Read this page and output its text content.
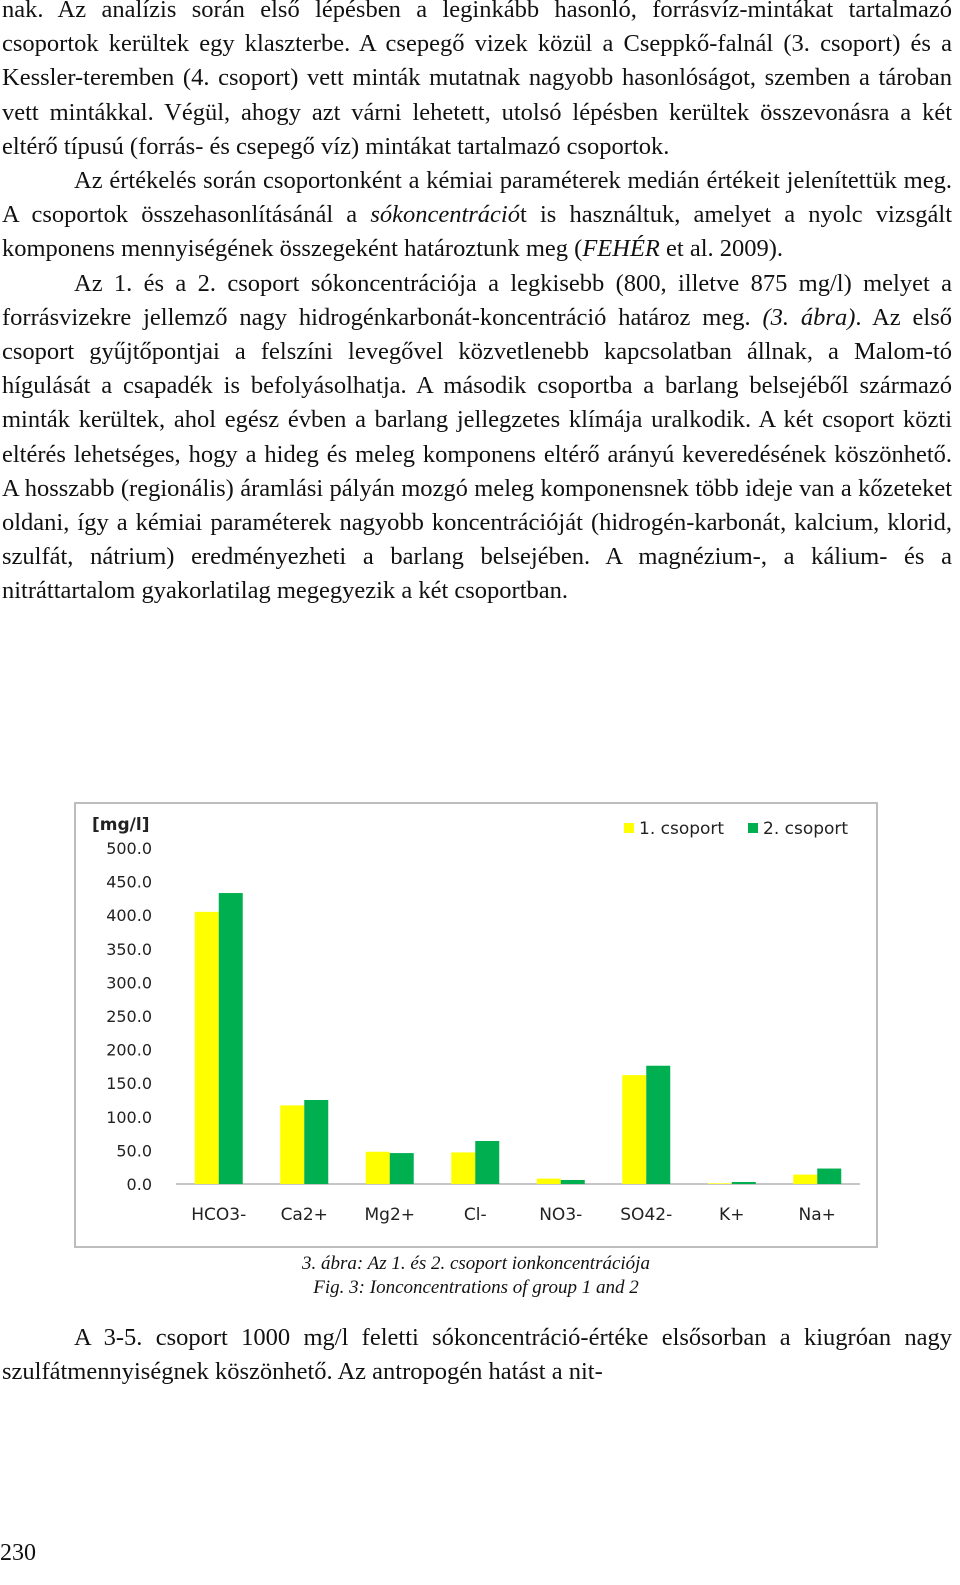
nak. Az analízis során első lépésben a leginkább hasonló, forrásvíz-mintákat tartalmazó csoportok kerültek egy klaszterbe. A csepegő vizek közül a Cseppkő-falnál (3. csoport) és a Kessler-teremben (4. csoport) vett minták mutatnak nagyobb hasonlóságot, szemben a tároban vett mintákkal. Végül, ahogy azt várni lehetett, utolsó lépésben kerültek összevonásra a két eltérő típusú (forrás- és csepegő víz) mintákat tartalmazó csoportok.

Az értékelés során csoportonként a kémiai paraméterek medián értékeit jelenítettük meg. A csoportok összehasonlításánál a sókoncentrációt is használtuk, amelyet a nyolc vizsgált komponens mennyiségének összegeként határoztunk meg (FEHÉR et al. 2009).

Az 1. és a 2. csoport sókoncentrációja a legkisebb (800, illetve 875 mg/l) melyet a forrásvizekre jellemző nagy hidrogénkarbonát-koncentráció határoz meg. (3. ábra). Az első csoport gyűjtőpontjai a felszíni levegővel közvetlenebb kapcsolatban állnak, a Malom-tó hígulását a csapadék is befolyásolhatja. A második csoportba a barlang belsejéből származó minták kerültek, ahol egész évben a barlang jellegzetes klímája uralkodik. A két csoport közti eltérés lehetséges, hogy a hideg és meleg komponens eltérő arányú keveredésének köszönhető. A hosszabb (regionális) áramlási pályán mozgó meleg komponensnek több ideje van a kőzeteket oldani, így a kémiai paraméterek nagyobb koncentrációját (hidrogén-karbonát, kalcium, klorid, szulfát, nátrium) eredményezheti a barlang belsejében. A magnézium-, a kálium- és a nitráttartalom gyakorlatilag megegyezik a két csoportban.

[mg/l]
0.0
50.0
100.0
150.0
200.0
250.0
300.0
350.0
400.0
450.0
500.0
HCO3- Ca2+ Mg2+	Cl-	NO3- SO42-	K+	Na+
1. csoport 2. csoport
3. ábra: Az 1. és 2. csoport ionkoncentrációja
Fig. 3: Ionconcentrations of group 1 and 2

A 3-5. csoport 1000 mg/l feletti sókoncentráció-értéke elsősorban a kiugróan nagy szulfátmennyiségnek köszönhető. Az antropogén hatást a nit-

230
